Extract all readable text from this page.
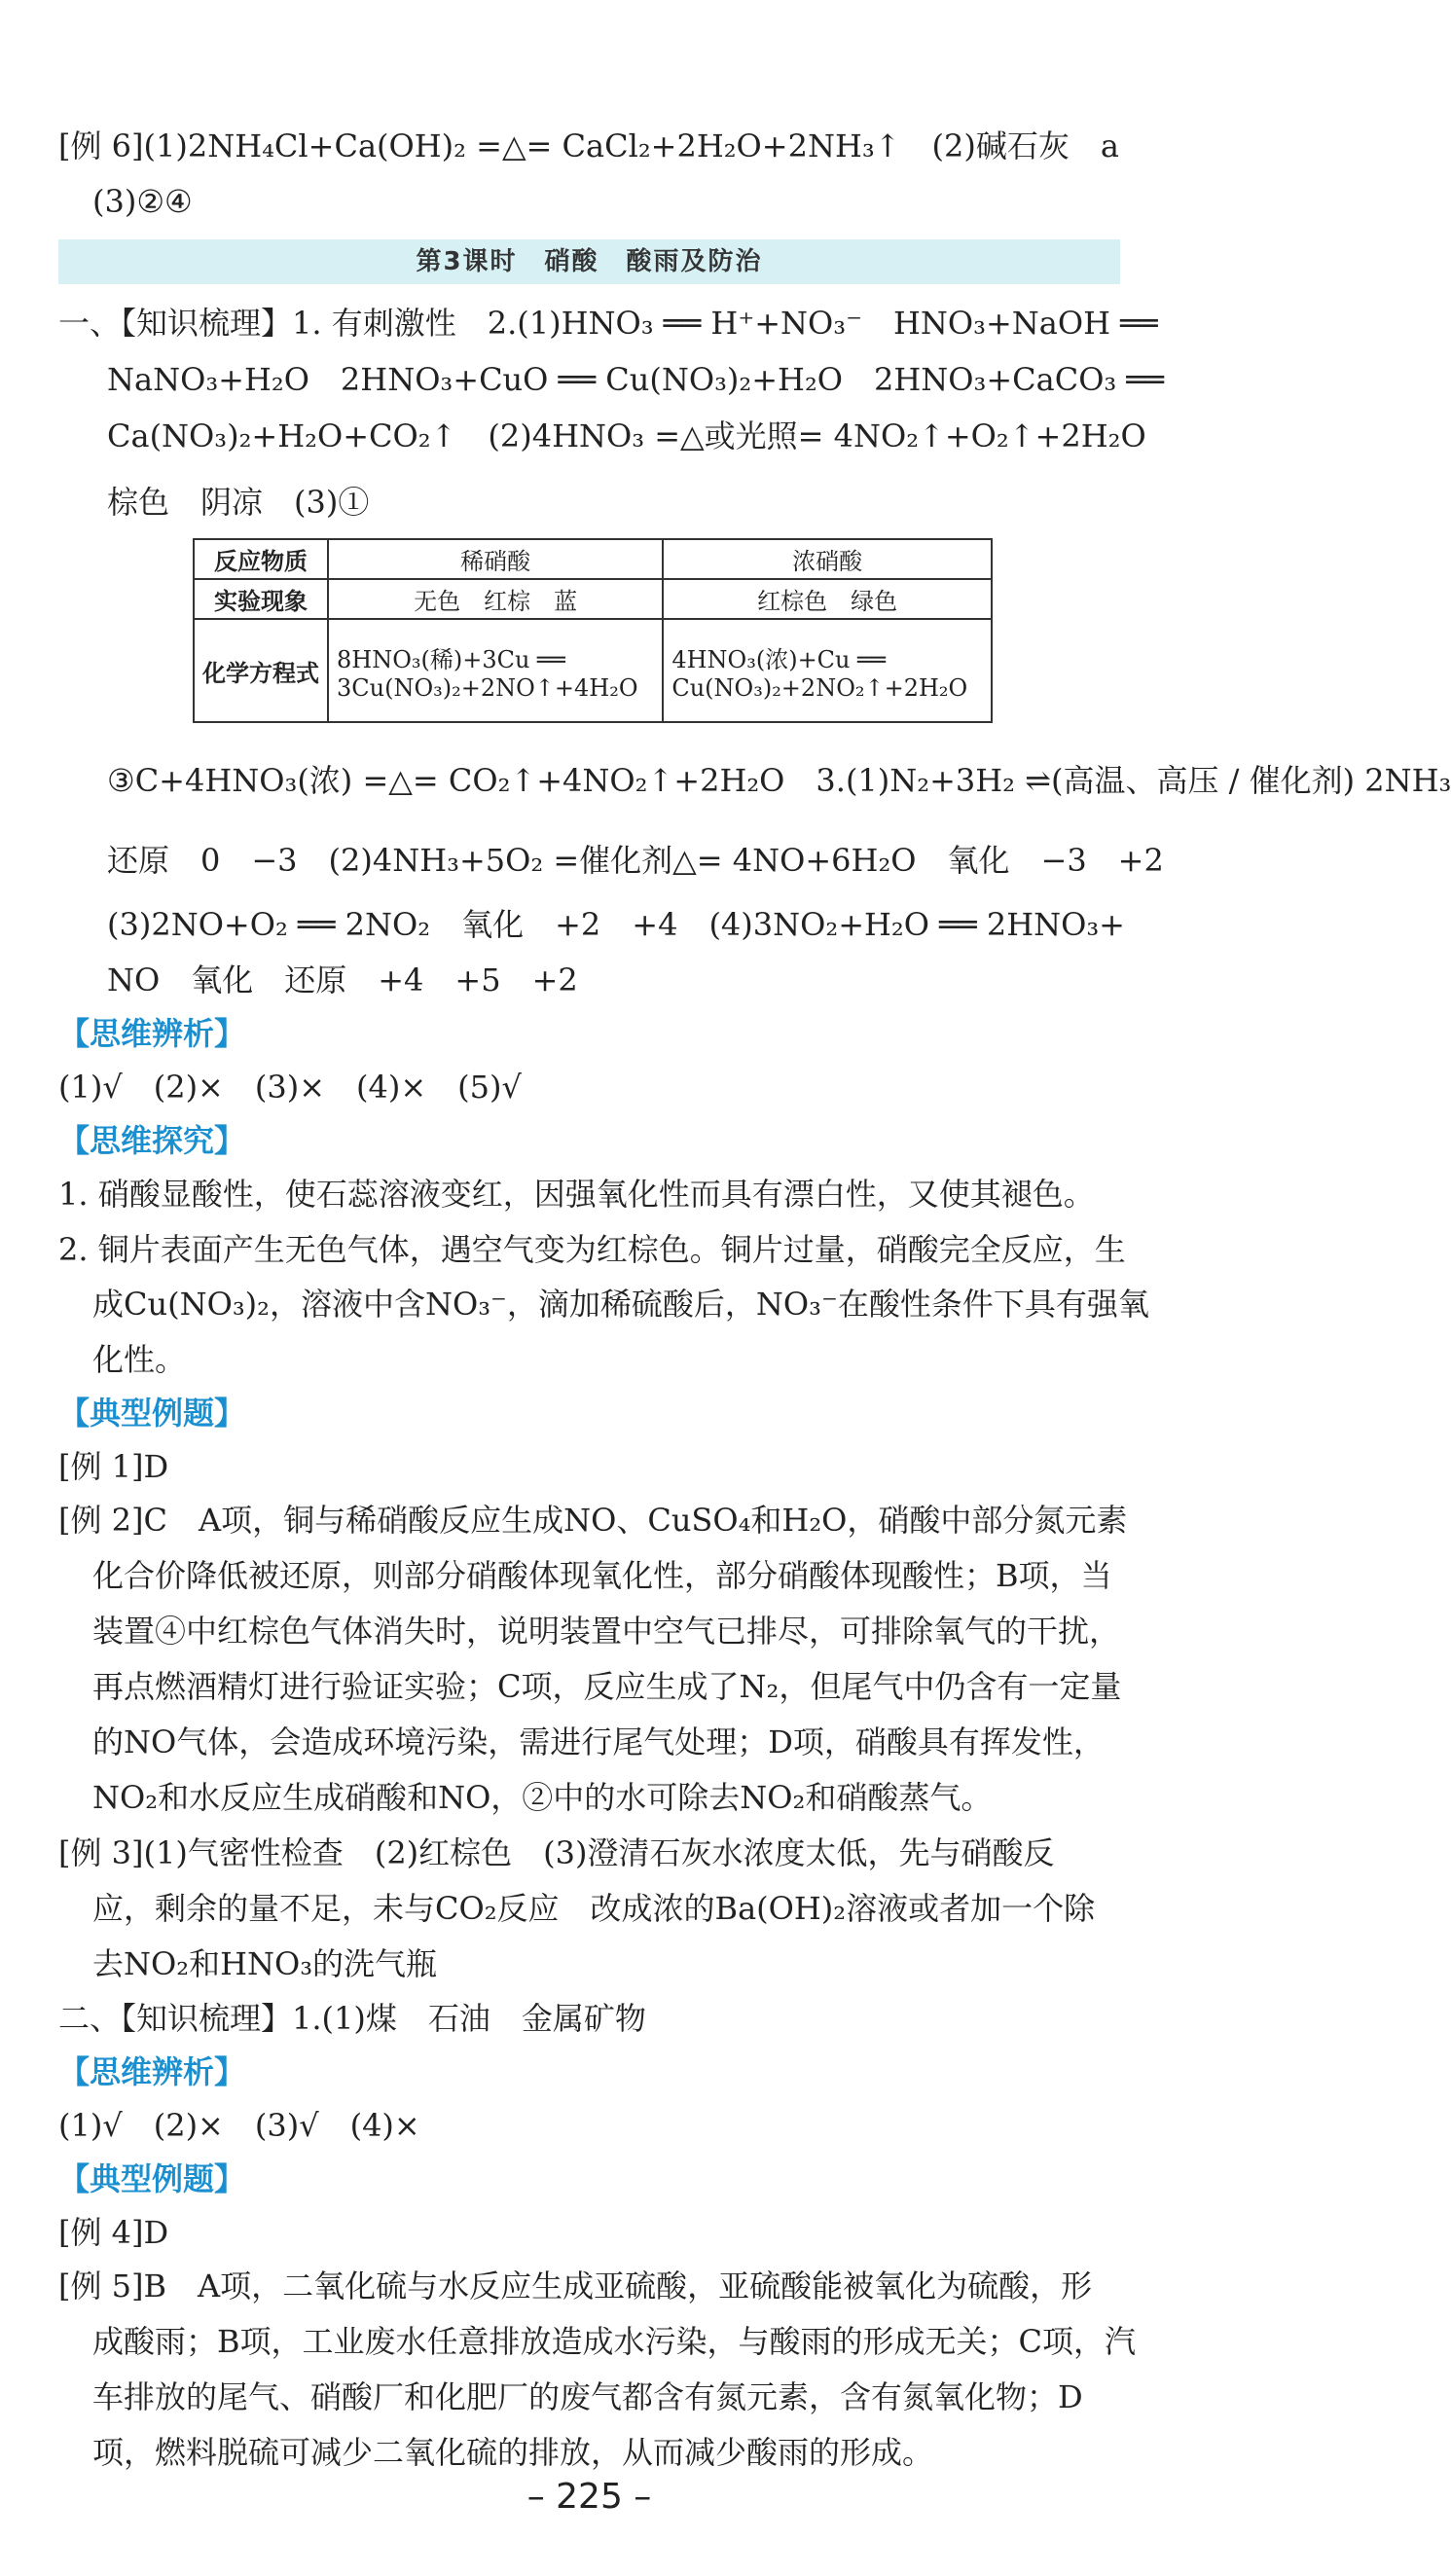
[例 6](1)2NH₄Cl+Ca(OH)₂ =△= CaCl₂+2H₂O+2NH₃↑　(2)碱石灰　a
(3)②④
第3课时　硝酸　酸雨及防治
一、【知识梳理】1. 有刺激性　2.(1)HNO₃ ══ H⁺+NO₃⁻　HNO₃+NaOH ══
NaNO₃+H₂O　2HNO₃+CuO ══ Cu(NO₃)₂+H₂O　2HNO₃+CaCO₃ ══
Ca(NO₃)₂+H₂O+CO₂↑　(2)4HNO₃ =△或光照= 4NO₂↑+O₂↑+2H₂O
棕色　阴凉　(3)①
反应物质	稀硝酸	浓硝酸
实验现象	无色　红棕　蓝	红棕色　绿色
化学方程式	8HNO₃(稀)+3Cu ══ 3Cu(NO₃)₂+2NO↑+4H₂O	4HNO₃(浓)+Cu ══ Cu(NO₃)₂+2NO₂↑+2H₂O
③C+4HNO₃(浓) =△= CO₂↑+4NO₂↑+2H₂O　3.(1)N₂+3H₂ ⇌(高温、高压 / 催化剂) 2NH₃
还原　0　−3　(2)4NH₃+5O₂ =催化剂△= 4NO+6H₂O　氧化　−3　+2
(3)2NO+O₂ ══ 2NO₂　氧化　+2　+4　(4)3NO₂+H₂O ══ 2HNO₃+
NO　氧化　还原　+4　+5　+2
【思维辨析】
(1)√　(2)×　(3)×　(4)×　(5)√
【思维探究】
1. 硝酸显酸性，使石蕊溶液变红，因强氧化性而具有漂白性，又使其褪色。
2. 铜片表面产生无色气体，遇空气变为红棕色。铜片过量，硝酸完全反应，生
成Cu(NO₃)₂，溶液中含NO₃⁻，滴加稀硫酸后，NO₃⁻在酸性条件下具有强氧
化性。
【典型例题】
[例 1]D
[例 2]C　A项，铜与稀硝酸反应生成NO、CuSO₄和H₂O，硝酸中部分氮元素
化合价降低被还原，则部分硝酸体现氧化性，部分硝酸体现酸性；B项，当
装置④中红棕色气体消失时，说明装置中空气已排尽，可排除氧气的干扰，
再点燃酒精灯进行验证实验；C项，反应生成了N₂，但尾气中仍含有一定量
的NO气体，会造成环境污染，需进行尾气处理；D项，硝酸具有挥发性，
NO₂和水反应生成硝酸和NO，②中的水可除去NO₂和硝酸蒸气。
[例 3](1)气密性检查　(2)红棕色　(3)澄清石灰水浓度太低，先与硝酸反
应，剩余的量不足，未与CO₂反应　改成浓的Ba(OH)₂溶液或者加一个除
去NO₂和HNO₃的洗气瓶
二、【知识梳理】1.(1)煤　石油　金属矿物
【思维辨析】
(1)√　(2)×　(3)√　(4)×
【典型例题】
[例 4]D
[例 5]B　A项，二氧化硫与水反应生成亚硫酸，亚硫酸能被氧化为硫酸，形
成酸雨；B项，工业废水任意排放造成水污染，与酸雨的形成无关；C项，汽
车排放的尾气、硝酸厂和化肥厂的废气都含有氮元素，含有氮氧化物；D
项，燃料脱硫可减少二氧化硫的排放，从而减少酸雨的形成。
– 225 –
